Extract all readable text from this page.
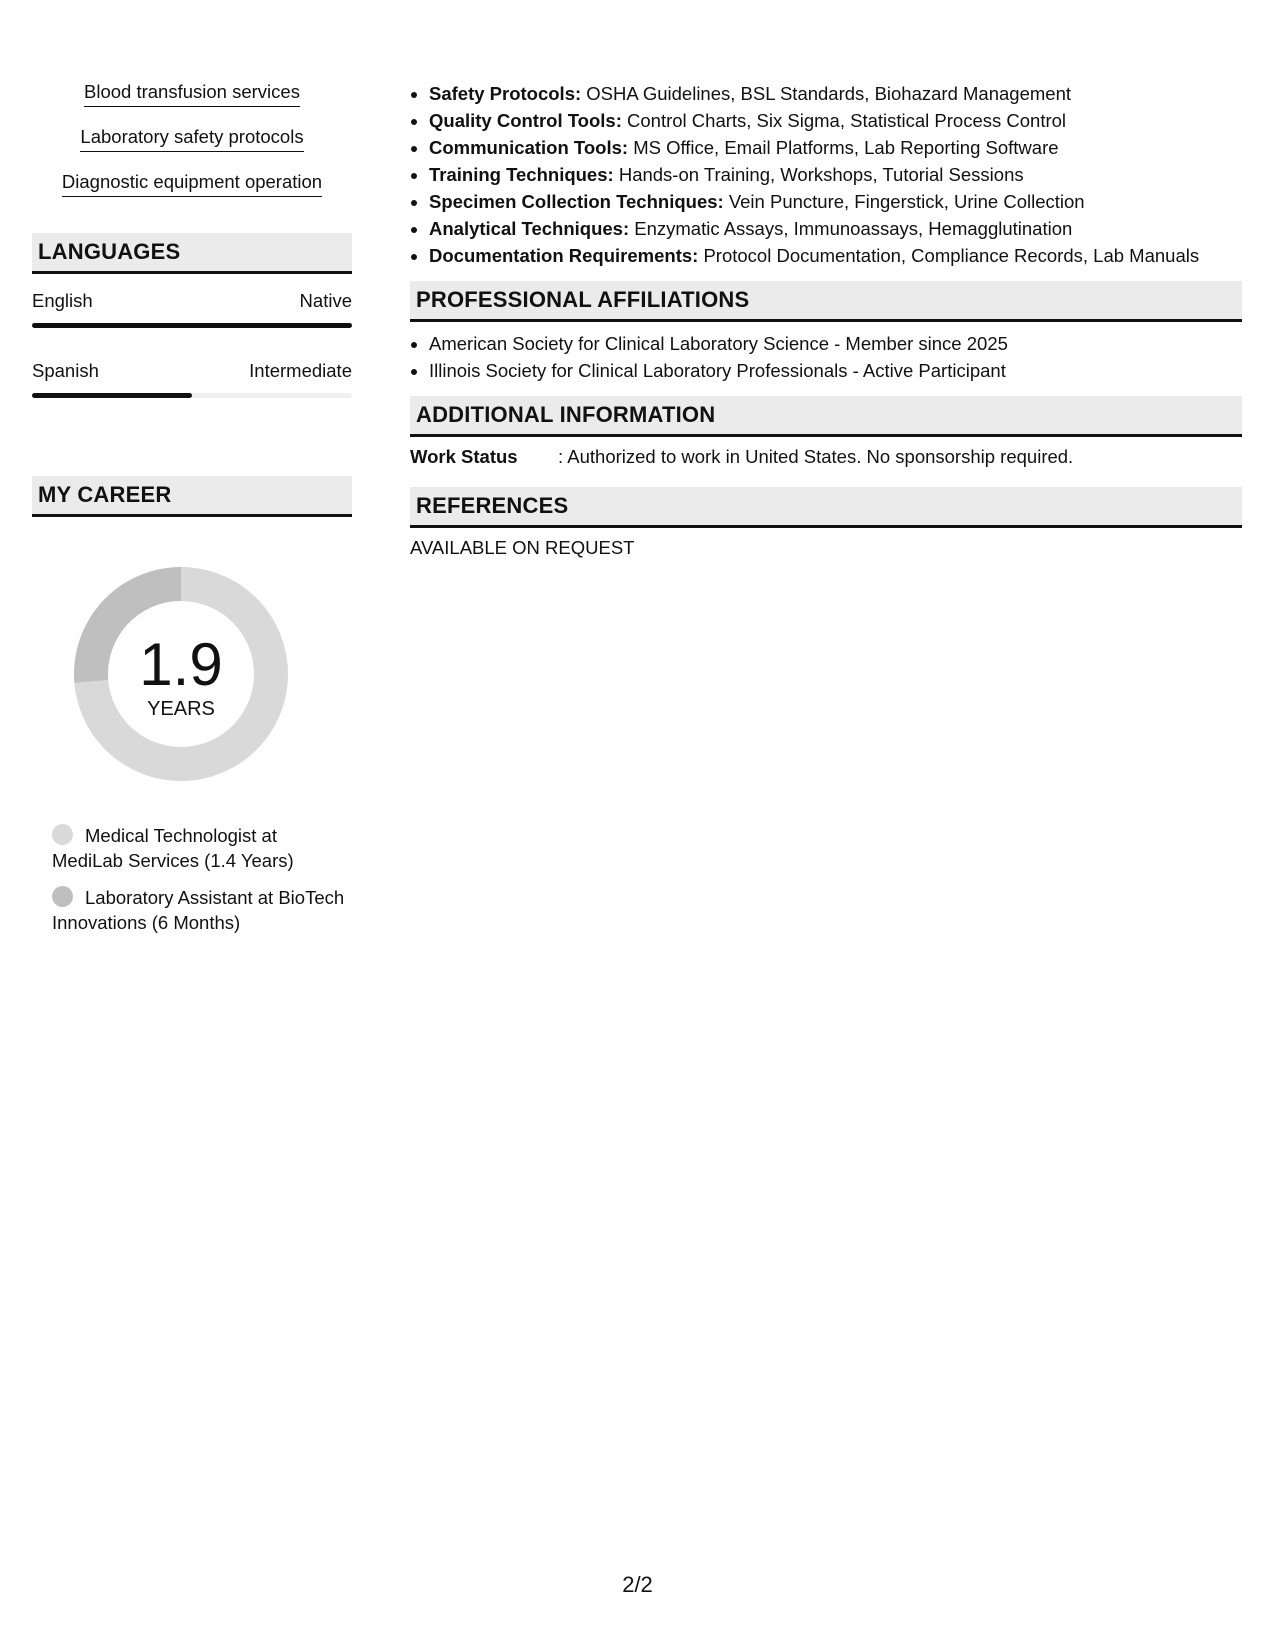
Blood transfusion services
Laboratory safety protocols
Diagnostic equipment operation
LANGUAGES
English	Native
Spanish	Intermediate
MY CAREER
1.9
YEARS
Medical Technologist at MediLab Services (1.4 Years)
Laboratory Assistant at BioTech Innovations (6 Months)
• Safety Protocols: OSHA Guidelines, BSL Standards, Biohazard Management
• Quality Control Tools: Control Charts, Six Sigma, Statistical Process Control
• Communication Tools: MS Office, Email Platforms, Lab Reporting Software
• Training Techniques: Hands-on Training, Workshops, Tutorial Sessions
• Specimen Collection Techniques: Vein Puncture, Fingerstick, Urine Collection
• Analytical Techniques: Enzymatic Assays, Immunoassays, Hemagglutination
• Documentation Requirements: Protocol Documentation, Compliance Records, Lab Manuals
PROFESSIONAL AFFILIATIONS
• American Society for Clinical Laboratory Science - Member since 2025
• Illinois Society for Clinical Laboratory Professionals - Active Participant
ADDITIONAL INFORMATION
Work Status : Authorized to work in United States. No sponsorship required.
REFERENCES
AVAILABLE ON REQUEST
2/2
